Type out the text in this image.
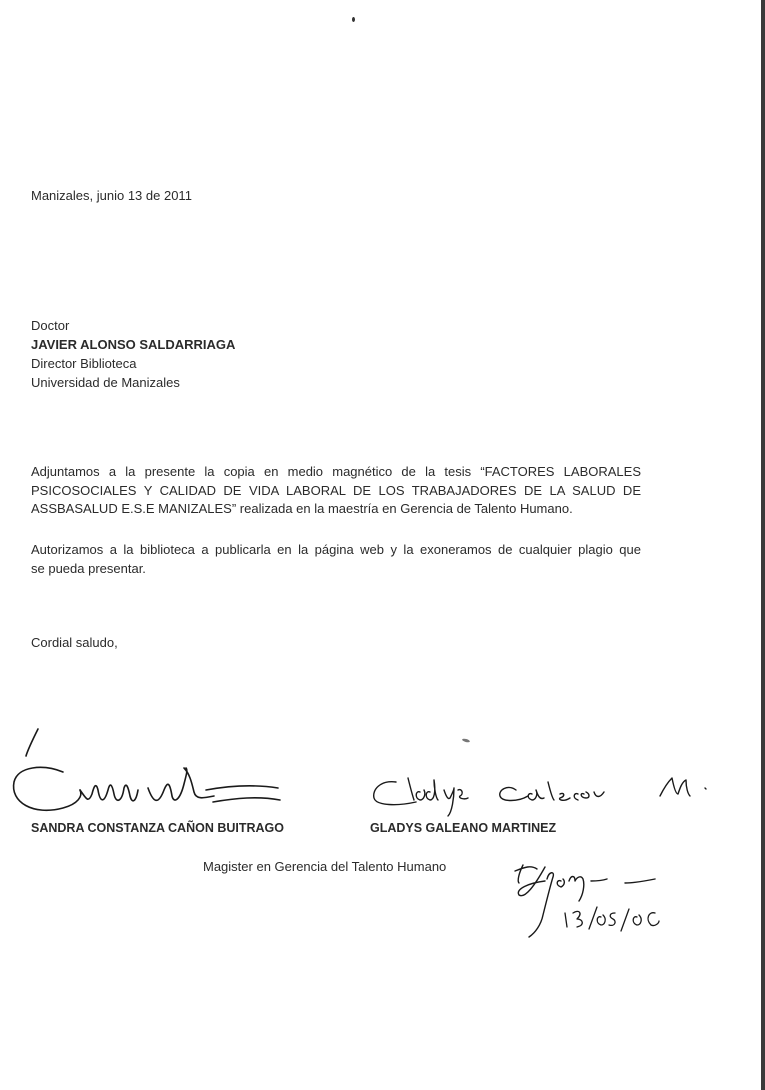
Manizales, junio 13 de 2011
Doctor
JAVIER ALONSO SALDARRIAGA
Director Biblioteca
Universidad de Manizales
Adjuntamos a la presente la copia en medio magnético de la tesis “FACTORES LABORALES
PSICOSOCIALES Y CALIDAD DE VIDA LABORAL DE LOS TRABAJADORES DE LA SALUD DE
ASSBASALUD E.S.E MANIZALES” realizada en la maestría en Gerencia de Talento Humano.
Autorizamos a la biblioteca a publicarla en la página web y la exoneramos de cualquier plagio que
se pueda presentar.
Cordial saludo,
SANDRA CONSTANZA CAÑON BUITRAGO	GLADYS GALEANO MARTINEZ
Magister en Gerencia del Talento Humano
